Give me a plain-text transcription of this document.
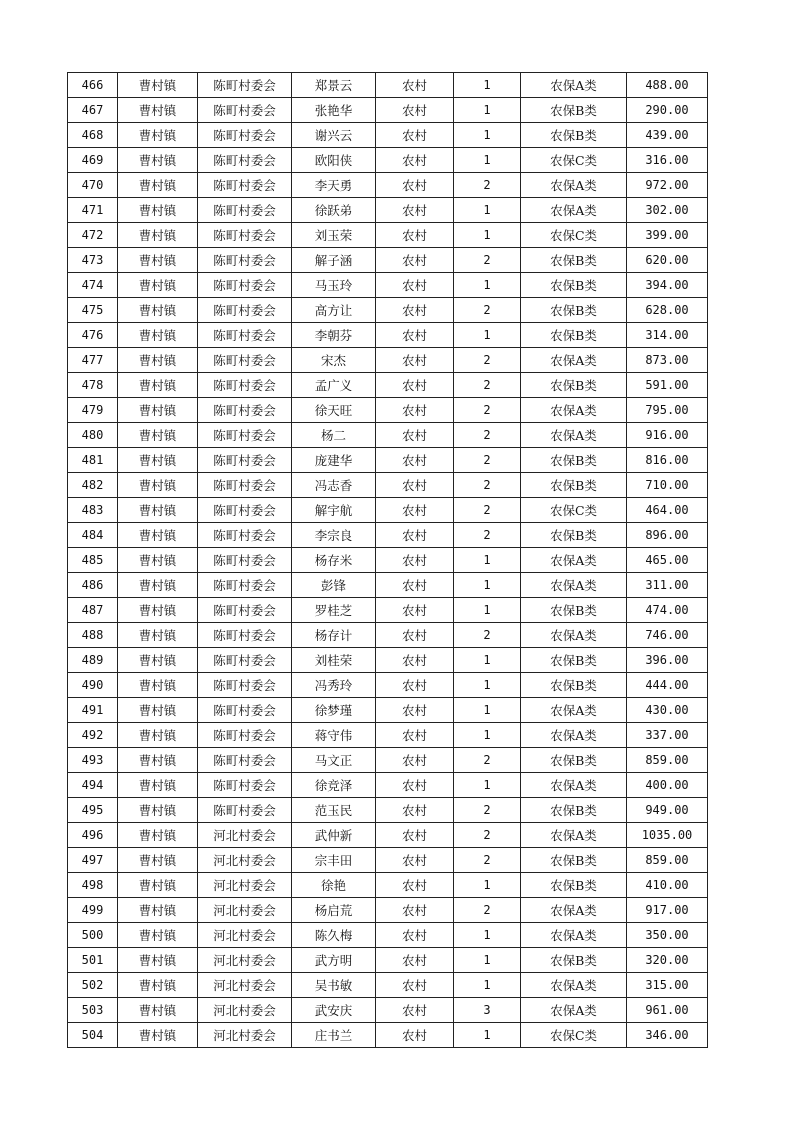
466	曹村镇	陈町村委会	郑景云	农村	1	农保A类	488.00
467	曹村镇	陈町村委会	张艳华	农村	1	农保B类	290.00
468	曹村镇	陈町村委会	谢兴云	农村	1	农保B类	439.00
469	曹村镇	陈町村委会	欧阳侠	农村	1	农保C类	316.00
470	曹村镇	陈町村委会	李天勇	农村	2	农保A类	972.00
471	曹村镇	陈町村委会	徐跃弟	农村	1	农保A类	302.00
472	曹村镇	陈町村委会	刘玉荣	农村	1	农保C类	399.00
473	曹村镇	陈町村委会	解子涵	农村	2	农保B类	620.00
474	曹村镇	陈町村委会	马玉玲	农村	1	农保B类	394.00
475	曹村镇	陈町村委会	高方让	农村	2	农保B类	628.00
476	曹村镇	陈町村委会	李朝芬	农村	1	农保B类	314.00
477	曹村镇	陈町村委会	宋杰	农村	2	农保A类	873.00
478	曹村镇	陈町村委会	孟广义	农村	2	农保B类	591.00
479	曹村镇	陈町村委会	徐天旺	农村	2	农保A类	795.00
480	曹村镇	陈町村委会	杨二	农村	2	农保A类	916.00
481	曹村镇	陈町村委会	庞建华	农村	2	农保B类	816.00
482	曹村镇	陈町村委会	冯志香	农村	2	农保B类	710.00
483	曹村镇	陈町村委会	解宇航	农村	2	农保C类	464.00
484	曹村镇	陈町村委会	李宗良	农村	2	农保B类	896.00
485	曹村镇	陈町村委会	杨存米	农村	1	农保A类	465.00
486	曹村镇	陈町村委会	彭锋	农村	1	农保A类	311.00
487	曹村镇	陈町村委会	罗桂芝	农村	1	农保B类	474.00
488	曹村镇	陈町村委会	杨存计	农村	2	农保A类	746.00
489	曹村镇	陈町村委会	刘桂荣	农村	1	农保B类	396.00
490	曹村镇	陈町村委会	冯秀玲	农村	1	农保B类	444.00
491	曹村镇	陈町村委会	徐梦瑾	农村	1	农保A类	430.00
492	曹村镇	陈町村委会	蒋守伟	农村	1	农保A类	337.00
493	曹村镇	陈町村委会	马文正	农村	2	农保B类	859.00
494	曹村镇	陈町村委会	徐竞泽	农村	1	农保A类	400.00
495	曹村镇	陈町村委会	范玉民	农村	2	农保B类	949.00
496	曹村镇	河北村委会	武仲新	农村	2	农保A类	1035.00
497	曹村镇	河北村委会	宗丰田	农村	2	农保B类	859.00
498	曹村镇	河北村委会	徐艳	农村	1	农保B类	410.00
499	曹村镇	河北村委会	杨启荒	农村	2	农保A类	917.00
500	曹村镇	河北村委会	陈久梅	农村	1	农保A类	350.00
501	曹村镇	河北村委会	武方明	农村	1	农保B类	320.00
502	曹村镇	河北村委会	吴书敏	农村	1	农保A类	315.00
503	曹村镇	河北村委会	武安庆	农村	3	农保A类	961.00
504	曹村镇	河北村委会	庄书兰	农村	1	农保C类	346.00
